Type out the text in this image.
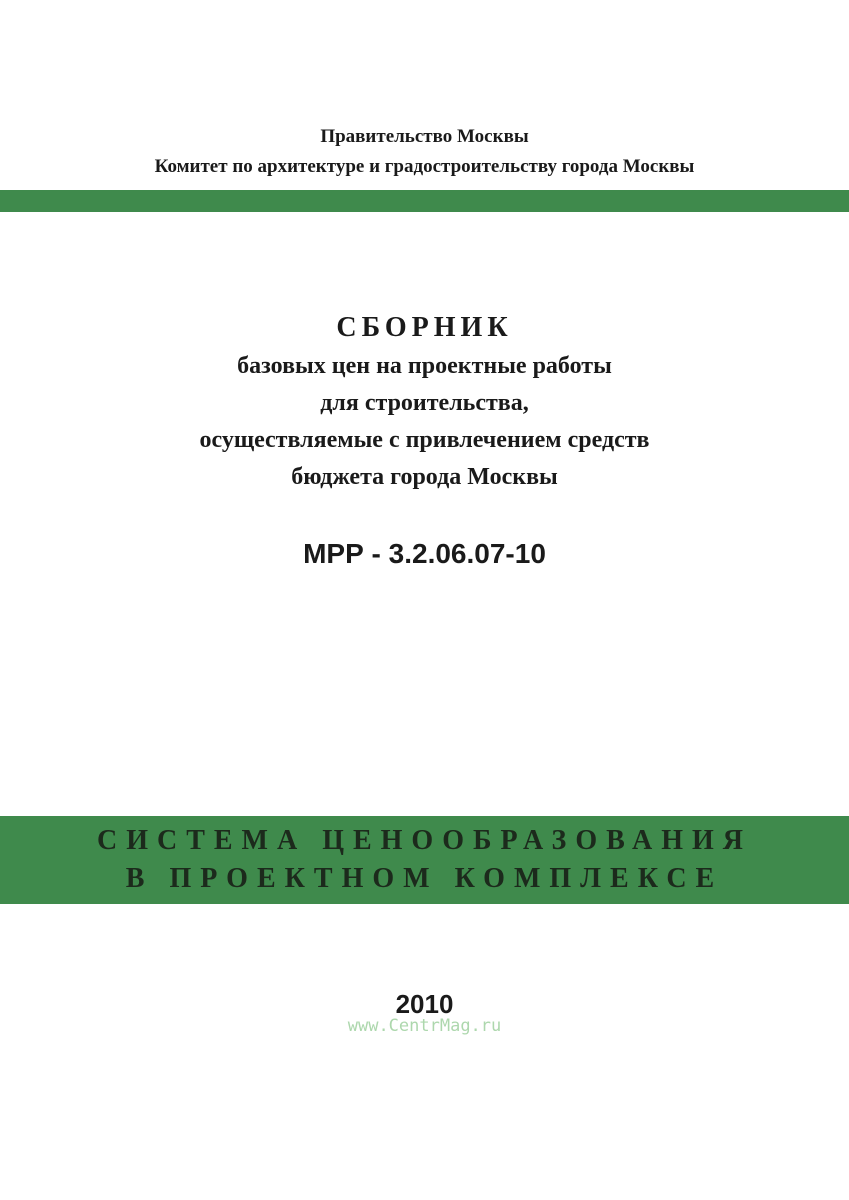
Правительство Москвы
Комитет по архитектуре и градостроительству города Москвы
СБОРНИК
базовых цен на проектные работы
для строительства,
осуществляемые с привлечением средств
бюджета города Москвы
МРР - 3.2.06.07-10
СИСТЕМА ЦЕНООБРАЗОВАНИЯ
В ПРОЕКТНОМ КОМПЛЕКСЕ
2010
www.CentrMag.ru
